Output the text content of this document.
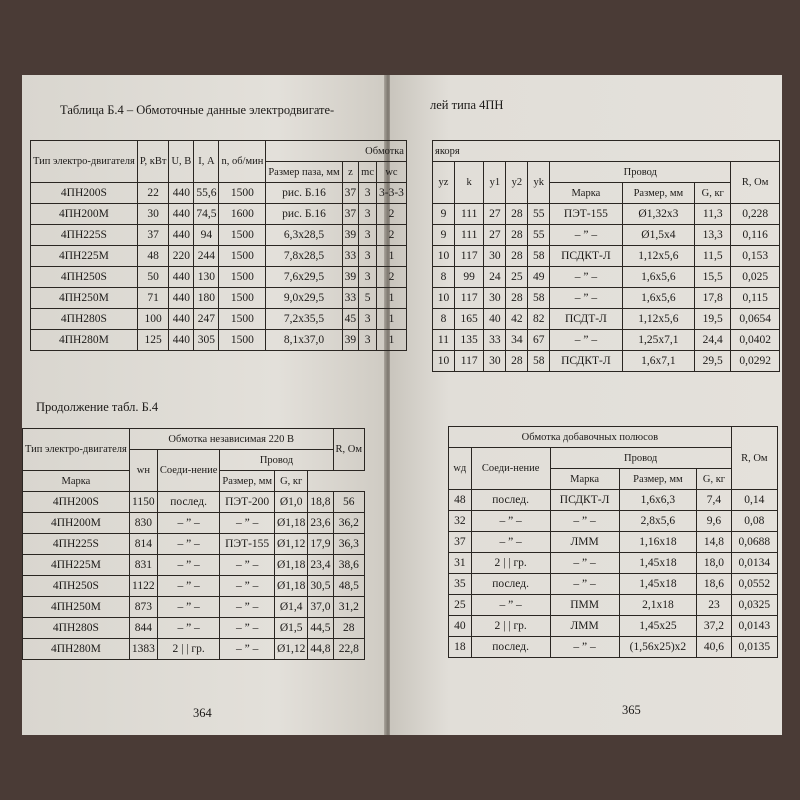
Таблица Б.4 – Обмоточные данные электродвигате-
Тип электро-двигателя	P, кВт	U, В	I, А	n, об/мин	Обмотка			
					Размер паза, мм	z	mc	wc
4ПН200S	22	440	55,6	1500	рис. Б.16	37	3	3-3-3
4ПН200M	30	440	74,5	1600	рис. Б.16	37	3	2
4ПН225S	37	440	94	1500	6,3x28,5	39	3	2
4ПН225M	48	220	244	1500	7,8x28,5	33	3	1
4ПН250S	50	440	130	1500	7,6x29,5	39	3	2
4ПН250M	71	440	180	1500	9,0x29,5	33	5	1
4ПН280S	100	440	247	1500	7,2x35,5	45	3	1
4ПН280M	125	440	305	1500	8,1x37,0	39	3	1
Продолжение табл. Б.4
Тип электро-двигателя	Обмотка независимая 220 В					R, Ом
	wн	Соеди-нение	Провод			
Марка			Размер, мм	G, кг		
4ПН200S	1150	послед.	ПЭТ-200	Ø1,0	18,8	56
4ПН200M	830	– ” –	– ” –	Ø1,18	23,6	36,2
4ПН225S	814	– ” –	ПЭТ-155	Ø1,12	17,9	36,3
4ПН225M	831	– ” –	– ” –	Ø1,18	23,4	38,6
4ПН250S	1122	– ” –	– ” –	Ø1,18	30,5	48,5
4ПН250M	873	– ” –	– ” –	Ø1,4	37,0	31,2
4ПН280S	844	– ” –	– ” –	Ø1,5	44,5	28
4ПН280M	1383	2 | | гр.	– ” –	Ø1,12	44,8	22,8
364
лей типа 4ПН
якоря								
yz	k	y1	y2	yk	Провод			R, Ом
					Марка	Размер, мм	G, кг	
9	111	27	28	55	ПЭТ-155	Ø1,32x3	11,3	0,228
9	111	27	28	55	– ” –	Ø1,5x4	13,3	0,116
10	117	30	28	58	ПСДКТ-Л	1,12x5,6	11,5	0,153
8	99	24	25	49	– ” –	1,6x5,6	15,5	0,025
10	117	30	28	58	– ” –	1,6x5,6	17,8	0,115
8	165	40	42	82	ПСДТ-Л	1,12x5,6	19,5	0,0654
11	135	33	34	67	– ” –	1,25x7,1	24,4	0,0402
10	117	30	28	58	ПСДКТ-Л	1,6x7,1	29,5	0,0292
Обмотка добавочных полюсов					R, Ом
wд	Соеди-нение	Провод			
		Марка	Размер, мм	G, кг	
48	послед.	ПСДКТ-Л	1,6x6,3	7,4	0,14
32	– ” –	– ” –	2,8x5,6	9,6	0,08
37	– ” –	ЛММ	1,16x18	14,8	0,0688
31	2 | | гр.	– ” –	1,45x18	18,0	0,0134
35	послед.	– ” –	1,45x18	18,6	0,0552
25	– ” –	ПММ	2,1x18	23	0,0325
40	2 | | гр.	ЛММ	1,45x25	37,2	0,0143
18	послед.	– ” –	(1,56x25)x2	40,6	0,0135
365
